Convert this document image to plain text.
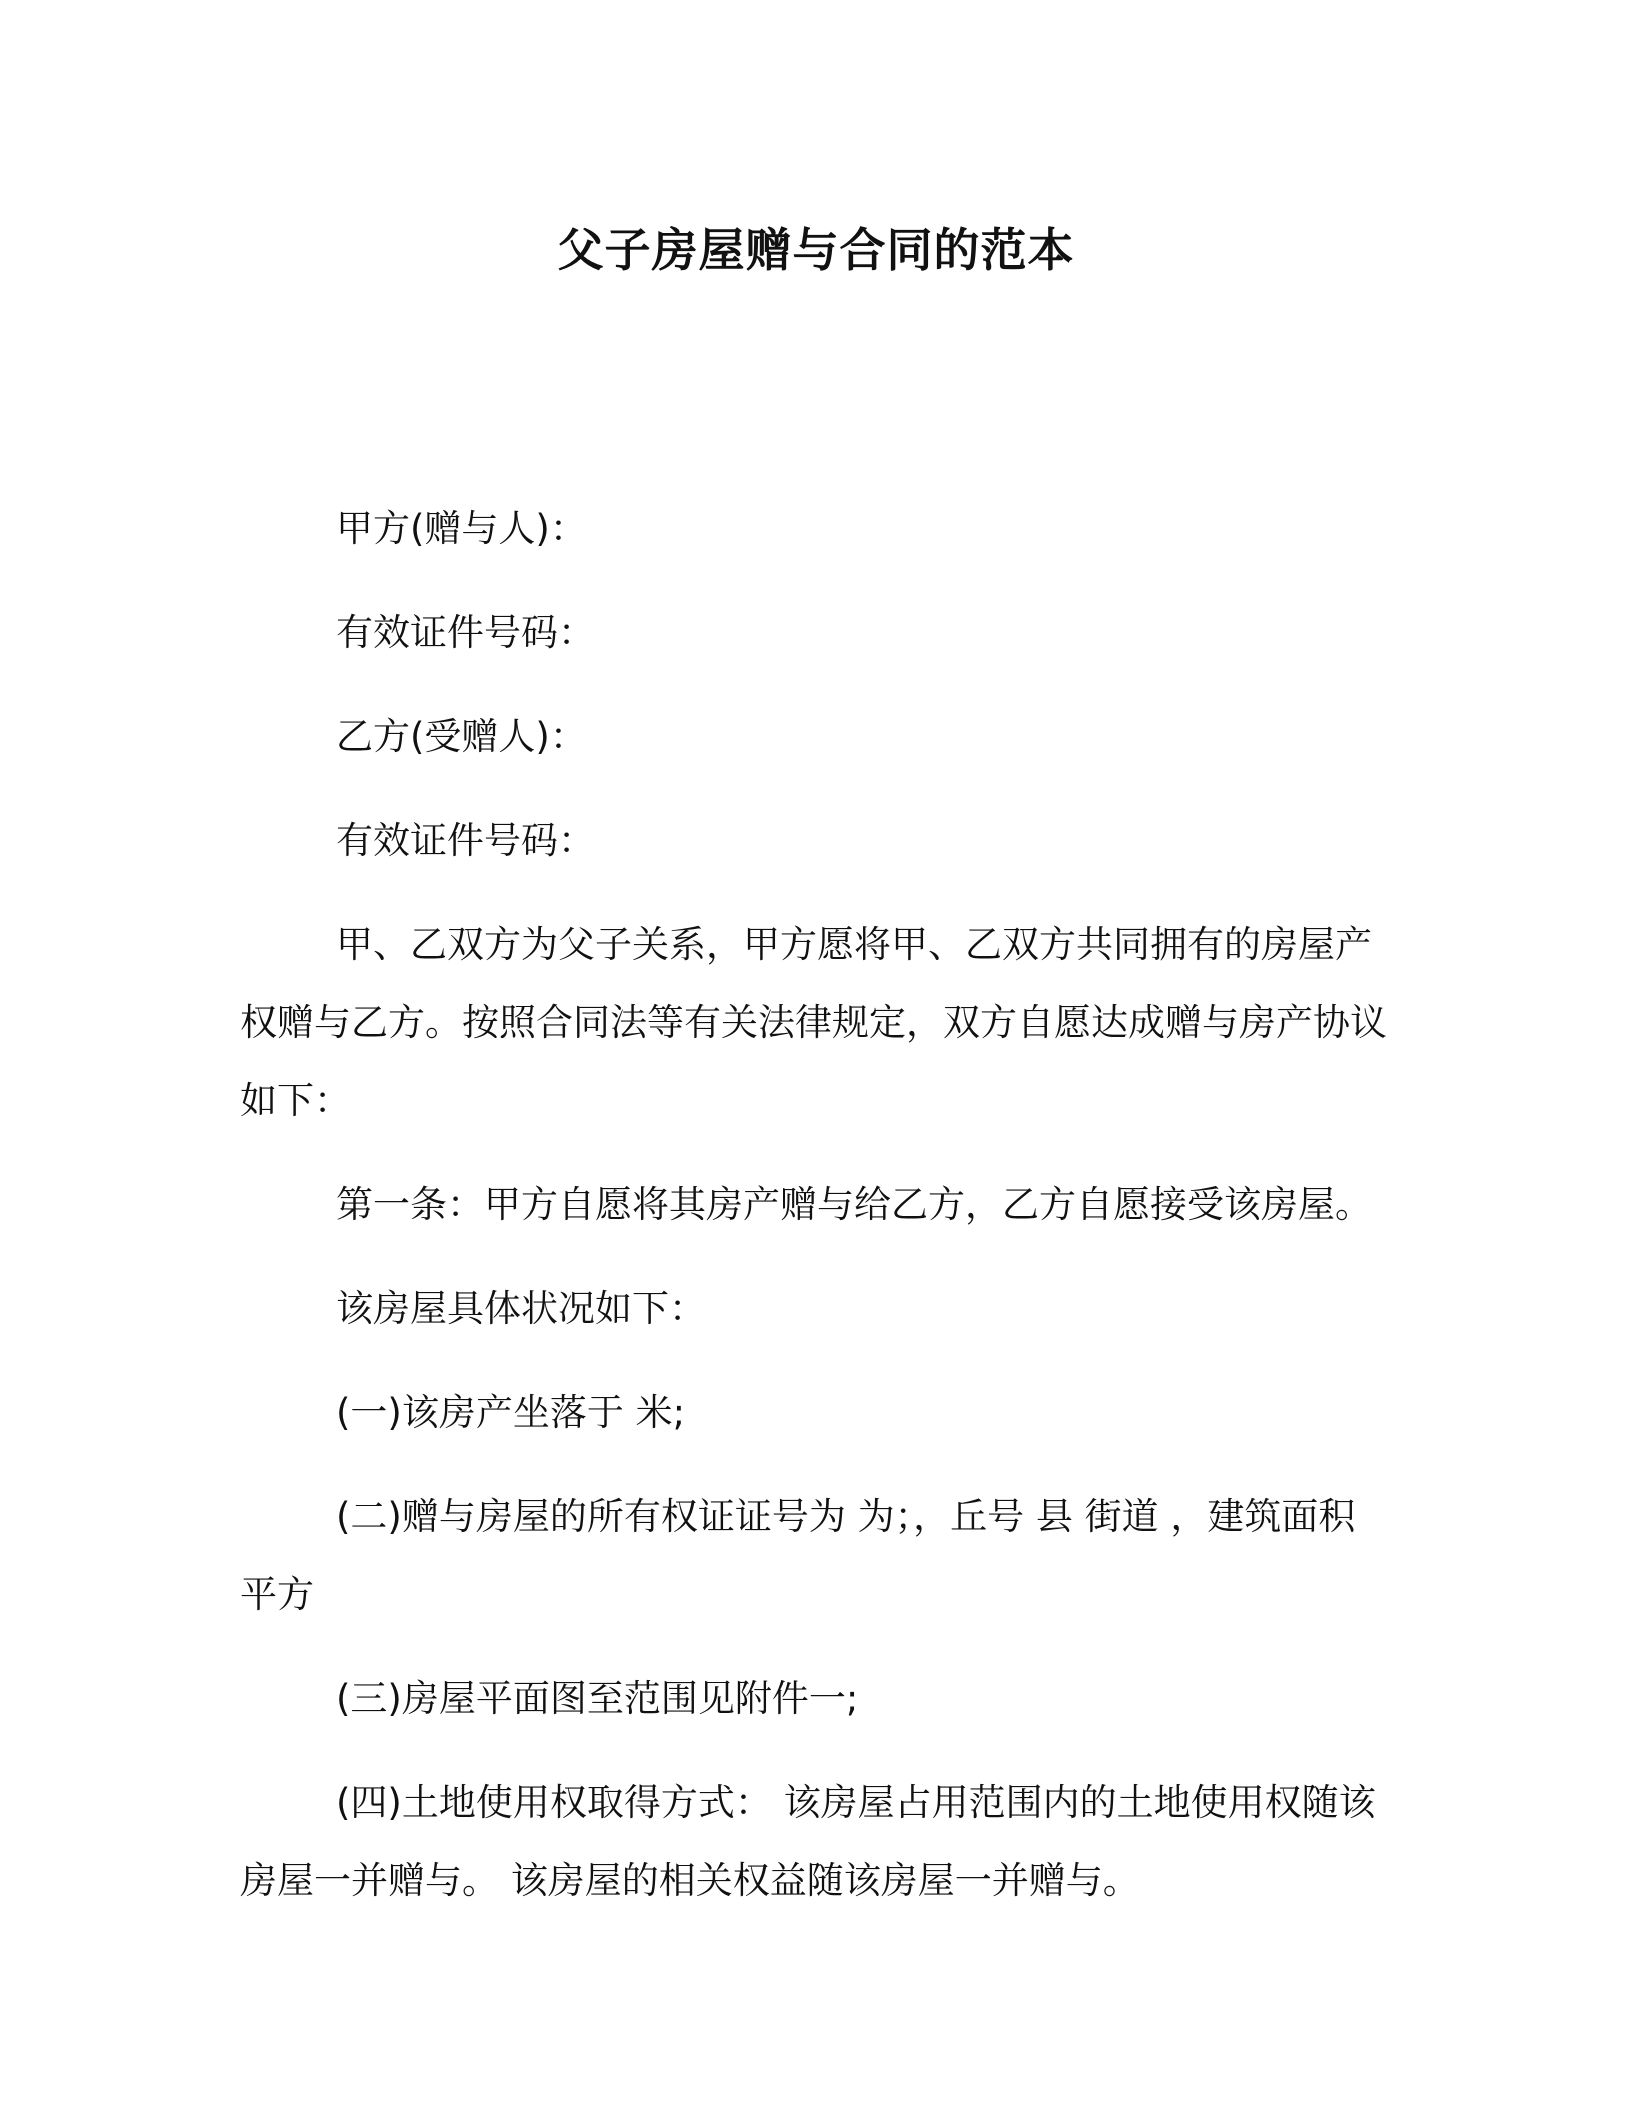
父子房屋赠与合同的范本

甲方(赠与人)：

有效证件号码：

乙方(受赠人)：

有效证件号码：

甲、乙双方为父子关系，甲方愿将甲、乙双方共同拥有的房屋产权赠与乙方。按照合同法等有关法律规定，双方自愿达成赠与房产协议如下：

第一条：甲方自愿将其房产赠与给乙方，乙方自愿接受该房屋。

该房屋具体状况如下：

(一)该房产坐落于 米;

(二)赠与房屋的所有权证证号为 为；，丘号 县 街道 ，建筑面积 平方

(三)房屋平面图至范围见附件一;

(四)土地使用权取得方式： 该房屋占用范围内的土地使用权随该房屋一并赠与。 该房屋的相关权益随该房屋一并赠与。
